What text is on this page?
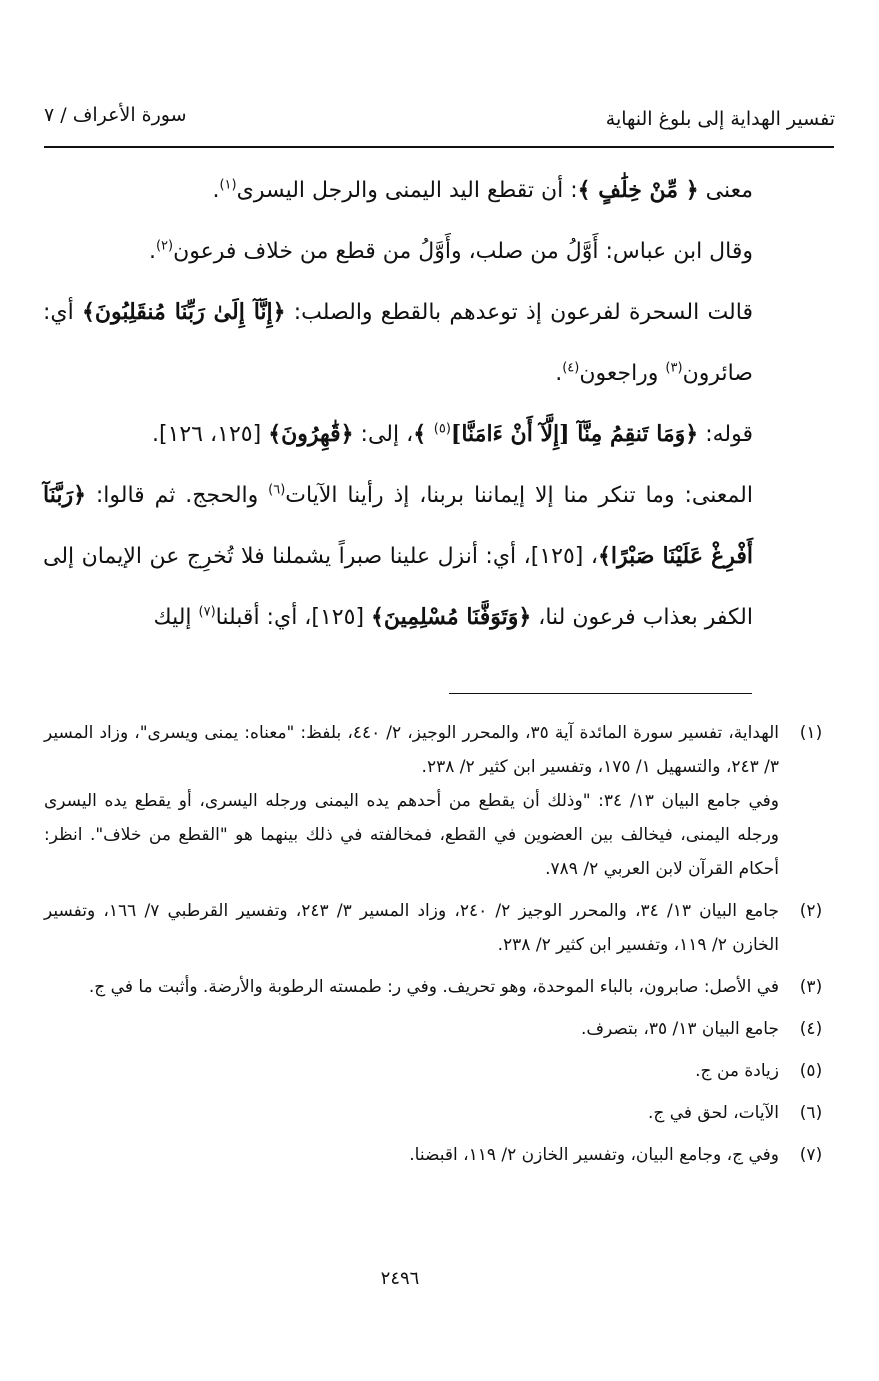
تفسير الهداية إلى بلوغ النهاية
سورة الأعراف / ٧

معنى ﴿ مِّنْ خِلَٰفٍ ﴾: أن تقطع اليد اليمنى والرجل اليسرى$^{(١)}$.

وقال ابن عباس: أَوَّلُ من صلب، وأَوَّلُ من قطع من خلاف فرعون$^{(٢)}$.

قالت السحرة لفرعون إذ توعدهم بالقطع والصلب: ﴿إِنَّآ إِلَىٰ رَبِّنَا مُنقَلِبُونَ﴾ أي: صائرون$^{(٣)}$ وراجعون$^{(٤)}$.

قوله: ﴿وَمَا تَنقِمُ مِنَّآ [إِلَّآ أَنْ ءَامَنَّا]$^{(٥)}$ ﴾، إلى: ﴿قَٰهِرُونَ﴾ [١٢٥، ١٢٦].

المعنى: وما تنكر منا إلا إيماننا بربنا، إذ رأينا الآيات$^{(٦)}$ والحجج. ثم قالوا: ﴿رَبَّنَآ أَفْرِغْ عَلَيْنَا صَبْرًا﴾، [١٢٥]، أي: أنزل علينا صبراً يشملنا فلا تُخرِج عن الإيمان إلى الكفر بعذاب فرعون لنا، ﴿وَتَوَفَّنَا مُسْلِمِينَ﴾ [١٢٥]، أي: أقبلنا$^{(٧)}$ إليك

(١)
الهداية، تفسير سورة المائدة آية ٣٥، والمحرر الوجيز، ٢/ ٤٤٠، بلفظ: "معناه: يمنى ويسرى"، وزاد المسير ٣/ ٢٤٣، والتسهيل ١/ ١٧٥، وتفسير ابن كثير ٢/ ٢٣٨.
وفي جامع البيان ١٣/ ٣٤: "وذلك أن يقطع من أحدهم يده اليمنى ورجله اليسرى، أو يقطع يده اليسرى ورجله اليمنى، فيخالف بين العضوين في القطع، فمخالفته في ذلك بينهما هو "القطع من خلاف". انظر: أحكام القرآن لابن العربي ٢/ ٧٨٩.
(٢)
جامع البيان ١٣/ ٣٤، والمحرر الوجيز ٢/ ٢٤٠، وزاد المسير ٣/ ٢٤٣، وتفسير القرطبي ٧/ ١٦٦، وتفسير الخازن ٢/ ١١٩، وتفسير ابن كثير ٢/ ٢٣٨.
(٣)
في الأصل: صابرون، بالباء الموحدة، وهو تحريف. وفي ر: طمسته الرطوبة والأرضة. وأثبت ما في ج.
(٤)
جامع البيان ١٣/ ٣٥، بتصرف.
(٥)
زيادة من ج.
(٦)
الآيات، لحق في ج.
(٧)
وفي ج، وجامع البيان، وتفسير الخازن ٢/ ١١٩، اقبضنا.
٢٤٩٦
